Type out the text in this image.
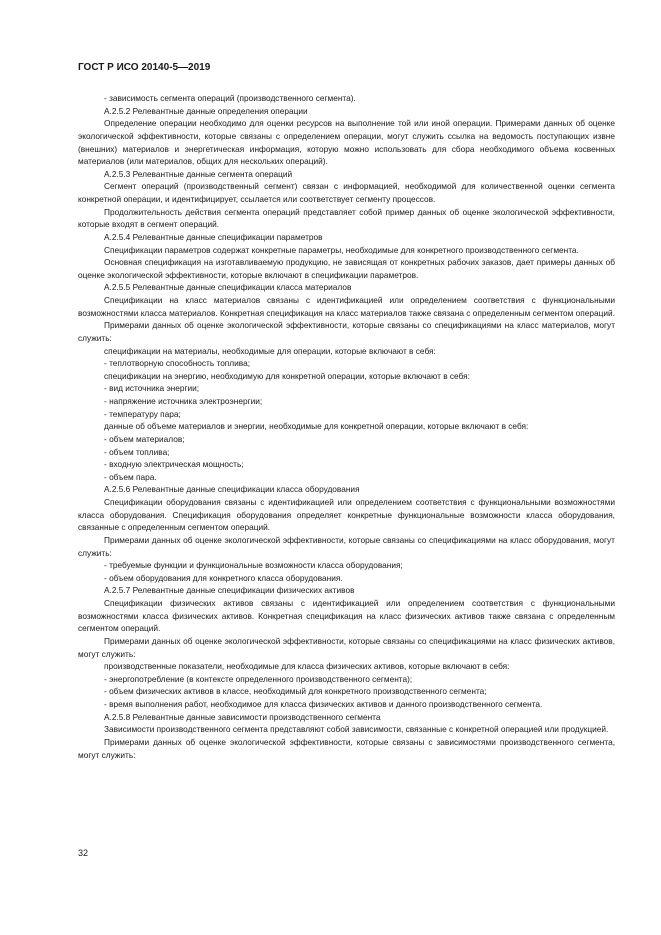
ГОСТ Р ИСО 20140-5—2019

- зависимость сегмента операций (производственного сегмента).

A.2.5.2 Релевантные данные определения операции

Определение операции необходимо для оценки ресурсов на выполнение той или иной операции. Примерами данных об оценке экологической эффективности, которые связаны с определением операции, могут служить ссылка на ведомость поступающих извне (внешних) материалов и энергетическая информация, которую можно использовать для сбора необходимого объема косвенных материалов (или материалов, общих для нескольких операций).

A.2.5.3 Релевантные данные сегмента операций

Сегмент операций (производственный сегмент) связан с информацией, необходимой для количественной оценки сегмента конкретной операции, и идентифицирует, ссылается или соответствует сегменту процессов.

Продолжительность действия сегмента операций представляет собой пример данных об оценке экологической эффективности, которые входят в сегмент операций.

A.2.5.4 Релевантные данные спецификации параметров

Спецификации параметров содержат конкретные параметры, необходимые для конкретного производственного сегмента.

Основная спецификация на изготавливаемую продукцию, не зависящая от конкретных рабочих заказов, дает примеры данных об оценке экологической эффективности, которые включают в спецификации параметров.

A.2.5.5 Релевантные данные спецификации класса материалов

Спецификации на класс материалов связаны с идентификацией или определением соответствия с функциональными возможностями класса материалов. Конкретная спецификация на класс материалов также связана с определенным сегментом операций.

Примерами данных об оценке экологической эффективности, которые связаны со спецификациями на класс материалов, могут служить:

спецификации на материалы, необходимые для операции, которые включают в себя:

- теплотворную способность топлива;

спецификации на энергию, необходимую для конкретной операции, которые включают в себя:

- вид источника энергии;

- напряжение источника электроэнергии;

- температуру пара;

данные об объеме материалов и энергии, необходимые для конкретной операции, которые включают в себя:

- объем материалов;

- объем топлива;

- входную электрическая мощность;

- объем пара.

A.2.5.6 Релевантные данные спецификации класса оборудования

Спецификации оборудования связаны с идентификацией или определением соответствия с функциональными возможностями класса оборудования. Спецификация оборудования определяет конкретные функциональные возможности класса оборудования, связанные с определенным сегментом операций.

Примерами данных об оценке экологической эффективности, которые связаны со спецификациями на класс оборудования, могут служить:

- требуемые функции и функциональные возможности класса оборудования;

- объем оборудования для конкретного класса оборудования.

A.2.5.7 Релевантные данные спецификации физических активов

Спецификации физических активов связаны с идентификацией или определением соответствия с функциональными возможностями класса физических активов. Конкретная спецификация на класс физических активов также связана с определенным сегментом операций.

Примерами данных об оценке экологической эффективности, которые связаны со спецификациями на класс физических активов, могут служить:

производственные показатели, необходимые для класса физических активов, которые включают в себя:

- энергопотребление (в контексте определенного производственного сегмента);

- объем физических активов в классе, необходимый для конкретного производственного сегмента;

- время выполнения работ, необходимое для класса физических активов и данного производственного сегмента.

A.2.5.8 Релевантные данные зависимости производственного сегмента

Зависимости производственного сегмента представляют собой зависимости, связанные с конкретной операцией или продукцией.

Примерами данных об оценке экологической эффективности, которые связаны с зависимостями производственного сегмента, могут служить:

32
